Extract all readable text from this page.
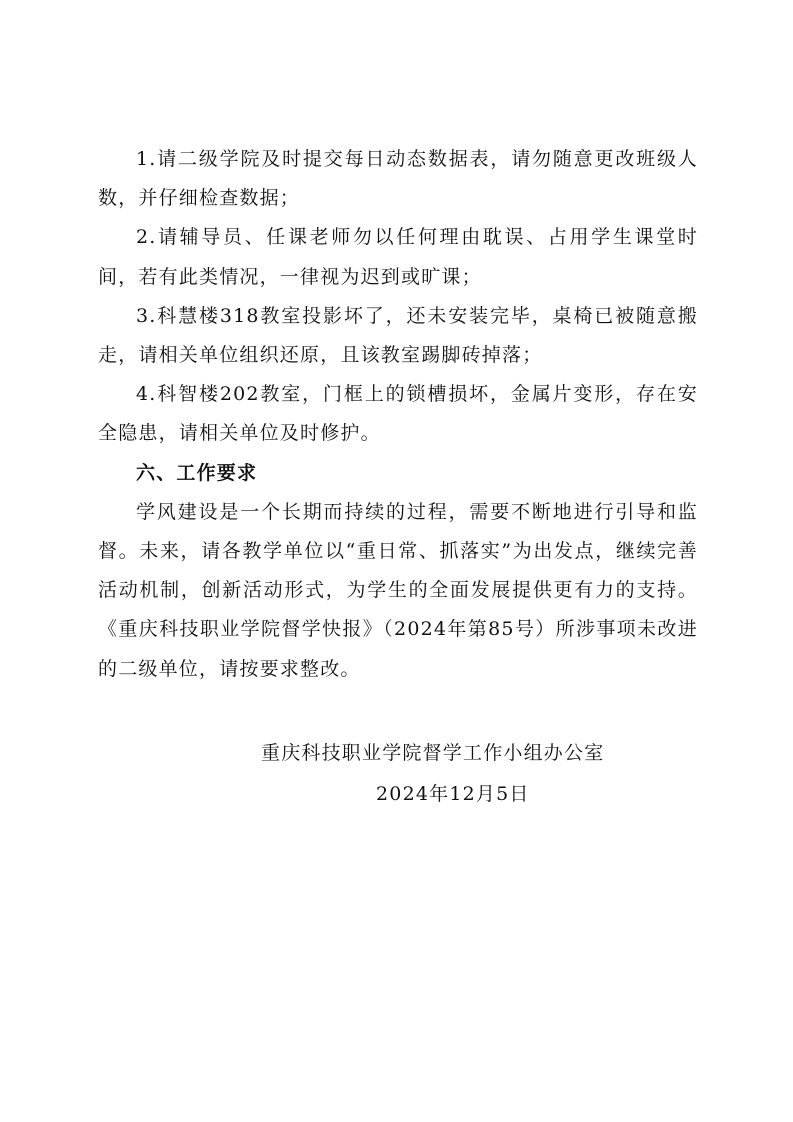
1.请二级学院及时提交每日动态数据表，请勿随意更改班级人数，并仔细检查数据；

2.请辅导员、任课老师勿以任何理由耽误、占用学生课堂时间，若有此类情况，一律视为迟到或旷课；

3.科慧楼318教室投影坏了，还未安装完毕，桌椅已被随意搬走，请相关单位组织还原，且该教室踢脚砖掉落；

4.科智楼202教室，门框上的锁槽损坏，金属片变形，存在安全隐患，请相关单位及时修护。

六、工作要求

学风建设是一个长期而持续的过程，需要不断地进行引导和监督。未来，请各教学单位以“重日常、抓落实”为出发点，继续完善活动机制，创新活动形式，为学生的全面发展提供更有力的支持。《重庆科技职业学院督学快报》（2024年第85号）所涉事项未改进的二级单位，请按要求整改。

重庆科技职业学院督学工作小组办公室
2024年12月5日
